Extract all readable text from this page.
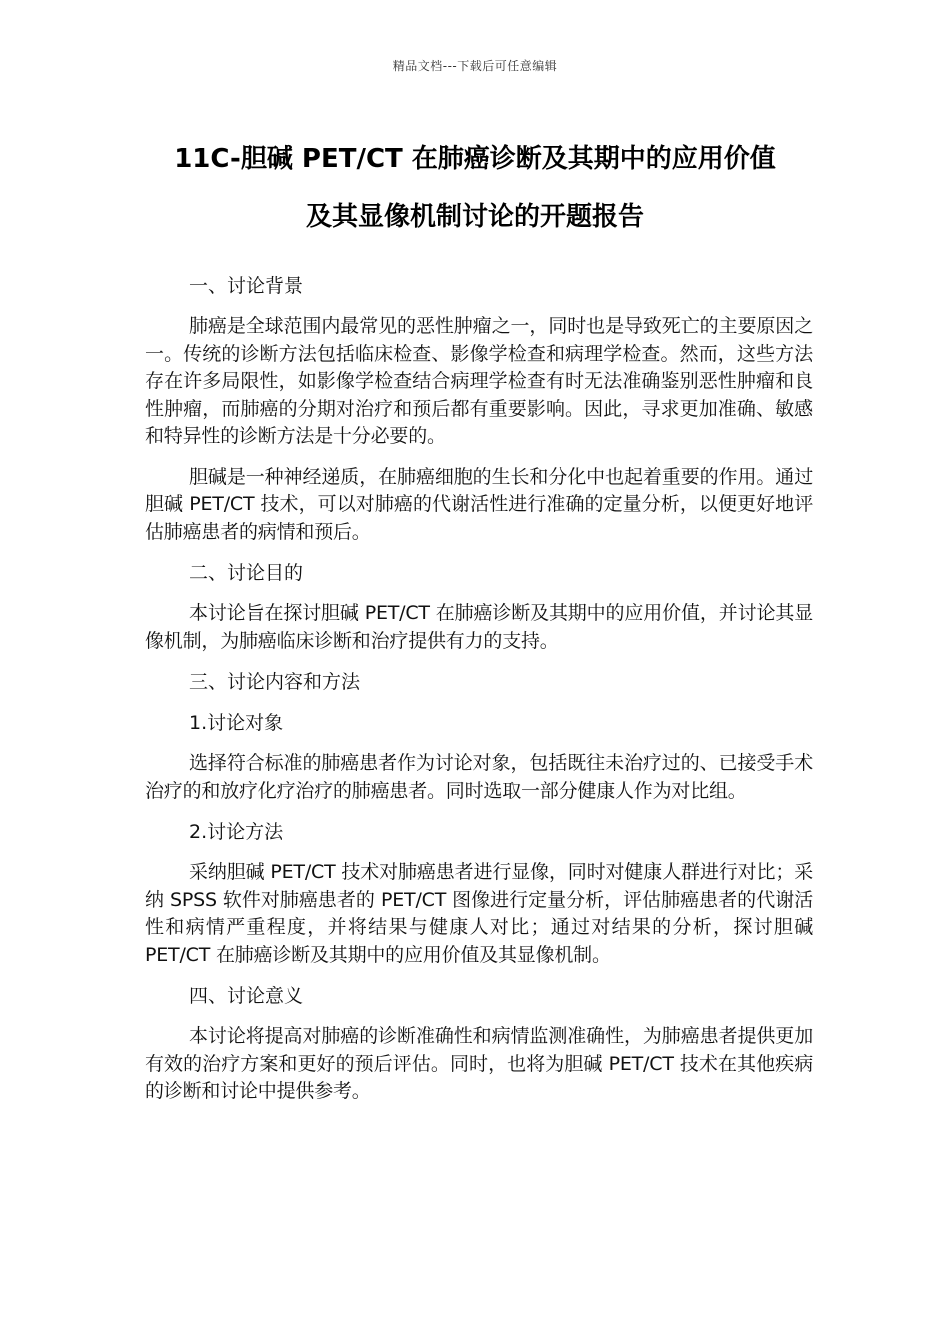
精品文档---下载后可任意编辑
11C-胆碱 PET/CT 在肺癌诊断及其期中的应用价值
及其显像机制讨论的开题报告
一、讨论背景

肺癌是全球范围内最常见的恶性肿瘤之一，同时也是导致死亡的主要原因之一。传统的诊断方法包括临床检查、影像学检查和病理学检查。然而，这些方法存在许多局限性，如影像学检查结合病理学检查有时无法准确鉴别恶性肿瘤和良性肿瘤，而肺癌的分期对治疗和预后都有重要影响。因此，寻求更加准确、敏感和特异性的诊断方法是十分必要的。

胆碱是一种神经递质，在肺癌细胞的生长和分化中也起着重要的作用。通过胆碱 PET/CT 技术，可以对肺癌的代谢活性进行准确的定量分析，以便更好地评估肺癌患者的病情和预后。

二、讨论目的

本讨论旨在探讨胆碱 PET/CT 在肺癌诊断及其期中的应用价值，并讨论其显像机制，为肺癌临床诊断和治疗提供有力的支持。

三、讨论内容和方法
1.讨论对象

选择符合标准的肺癌患者作为讨论对象，包括既往未治疗过的、已接受手术治疗的和放疗化疗治疗的肺癌患者。同时选取一部分健康人作为对比组。

2.讨论方法

采纳胆碱 PET/CT 技术对肺癌患者进行显像，同时对健康人群进行对比；采纳 SPSS 软件对肺癌患者的 PET/CT 图像进行定量分析，评估肺癌患者的代谢活性和病情严重程度，并将结果与健康人对比；通过对结果的分析，探讨胆碱 PET/CT 在肺癌诊断及其期中的应用价值及其显像机制。

四、讨论意义

本讨论将提高对肺癌的诊断准确性和病情监测准确性，为肺癌患者提供更加有效的治疗方案和更好的预后评估。同时，也将为胆碱 PET/CT 技术在其他疾病的诊断和讨论中提供参考。
